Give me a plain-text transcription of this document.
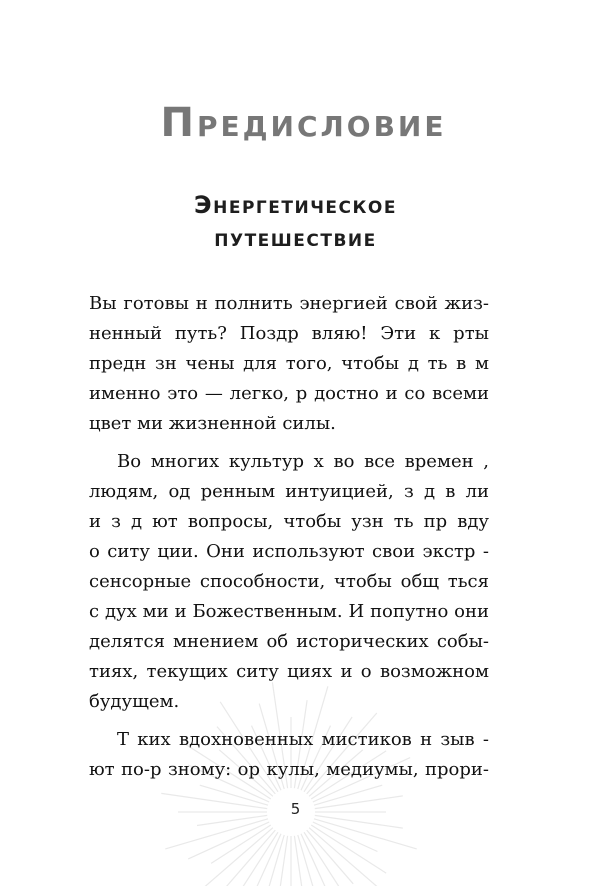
Предисловие
Энергетическое
путешествие
Вы готовы н полнить энергией свой жиз-
ненный путь? Поздр вляю! Эти к рты
предн зн чены для того, чтобы д ть в м
именно это — легко, р достно и со всеми
цвет ми жизненной силы.
Во многих культур х во все времен ,
людям, од ренным интуицией, з д в ли
и з д ют вопросы, чтобы узн ть пр вду
о ситу ции. Они используют свои экстр -
сенсорные способности, чтобы общ ться
с дух ми и Божественным. И попутно они
делятся мнением об исторических собы-
тиях, текущих ситу циях и о возможном
будущем.
Т ких вдохновенных мистиков н зыв -
ют по-р зному: ор кулы, медиумы, прори-
5
